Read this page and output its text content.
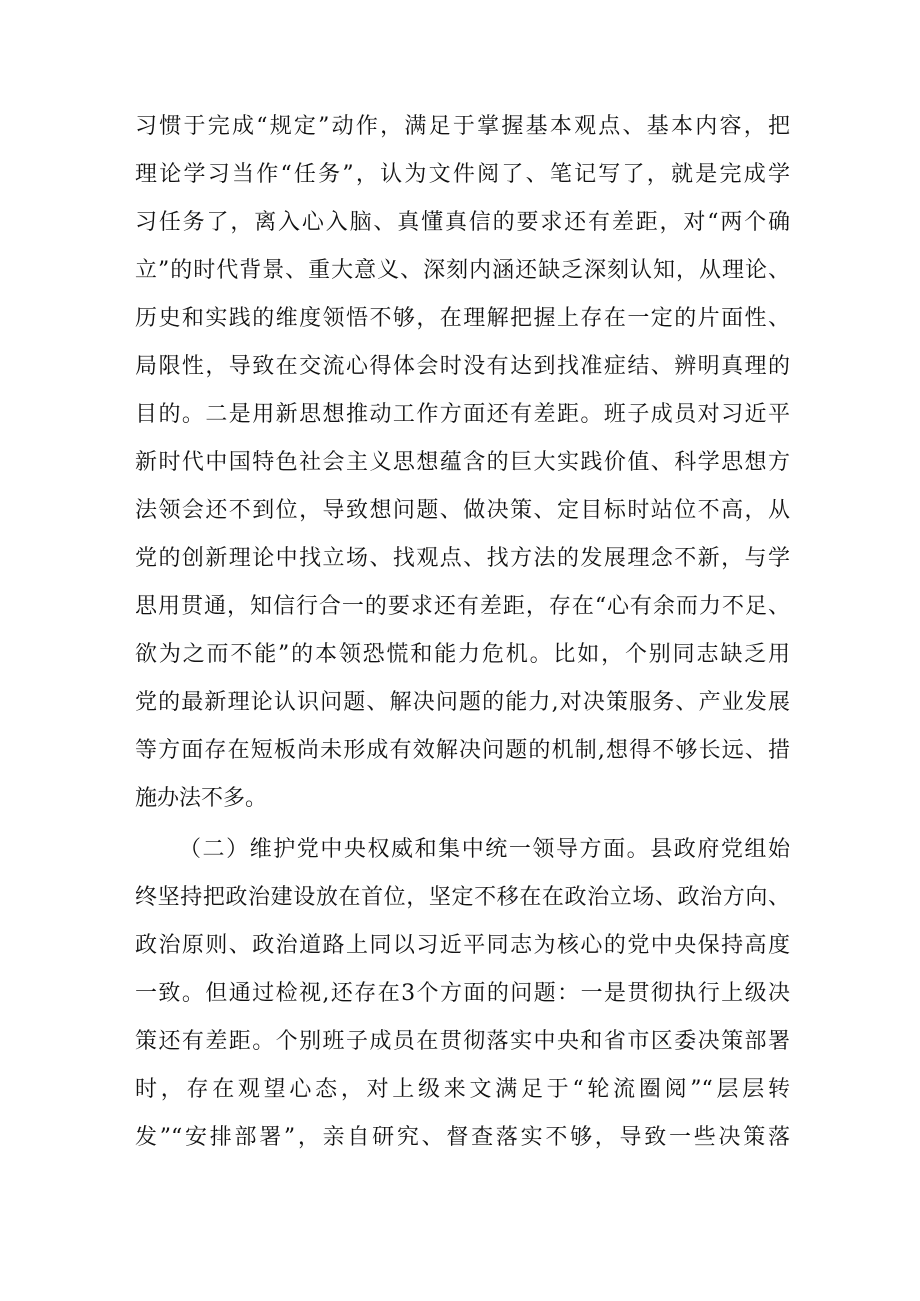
习惯于完成“规定”动作，满足于掌握基本观点、基本内容，把
理论学习当作“任务”，认为文件阅了、笔记写了，就是完成学
习任务了，离入心入脑、真懂真信的要求还有差距，对“两个确
立”的时代背景、重大意义、深刻内涵还缺乏深刻认知，从理论、
历史和实践的维度领悟不够，在理解把握上存在一定的片面性、
局限性，导致在交流心得体会时没有达到找准症结、辨明真理的
目的。二是用新思想推动工作方面还有差距。班子成员对习近平
新时代中国特色社会主义思想蕴含的巨大实践价值、科学思想方
法领会还不到位，导致想问题、做决策、定目标时站位不高，从
党的创新理论中找立场、找观点、找方法的发展理念不新，与学
思用贯通，知信行合一的要求还有差距，存在“心有余而力不足、
欲为之而不能”的本领恐慌和能力危机。比如，个别同志缺乏用
党的最新理论认识问题、解决问题的能力,对决策服务、产业发展
等方面存在短板尚未形成有效解决问题的机制,想得不够长远、措
施办法不多。
（二）维护党中央权威和集中统一领导方面。县政府党组始
终坚持把政治建设放在首位，坚定不移在在政治立场、政治方向、
政治原则、政治道路上同以习近平同志为核心的党中央保持高度
一致。但通过检视,还存在3个方面的问题：一是贯彻执行上级决
策还有差距。个别班子成员在贯彻落实中央和省市区委决策部署
时，存在观望心态，对上级来文满足于“轮流圈阅”“层层转
发”“安排部署”，亲自研究、督查落实不够，导致一些决策落
